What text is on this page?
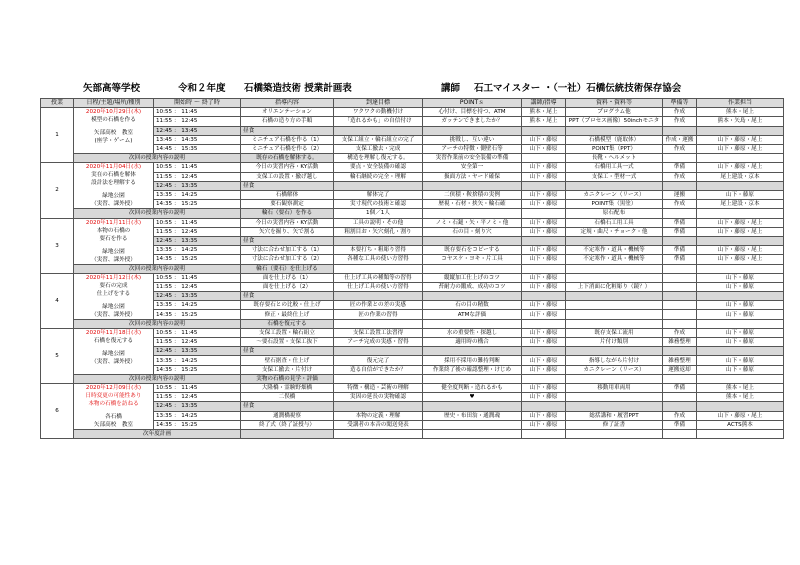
矢部高等学校	令和２年度 石橋築造技術 授業計画表	講師 石工マイスター ・（一社）石橋伝統技術保存協会
授業	日程/主題/場所/種別	開始時 ～ 終了時	指導内容	到達目標	POINTｓ	講師/指導	資料・資料等	準備等	作業担当
1	2020年10月29日(木)
模型の石橋を作る
矢部高校　教室
(座学・ゲーム)	10:55 ： 11:45	オリエンテーション	ワクワクの動機付け	心付け、目標を持つ、ATM	熊本・尾上	プログラム他	作成	熊本・尾上
		11:55 ： 12:45	石橋の造り方の手順	「造れるかも」の自信付け	ガッテンできましたか？	熊本・尾上	PPT（プロセス画像）50inchモニタ	作成	熊本・矢島・尾上
		12:45 ： 13:45	昼食						
		13:45 ： 14:35	ミニチュア石橋を作る（1）	支保工組立・輪石組立の完了	挑戦し、互い違い	山下・藤原	石橋模型（鹿取体）	作成・運搬	山下・藤原・尾上
		14:45 ： 15:35	ミニチュア石橋を作る（2）	支保工撤去・完成	アーチの特徴・側壁石等	山下・藤原	POINT集（PPT）	作成	山下・藤原・尾上
	次回の授業内容の説明		既存の石橋を解体する。	構造を理解し復元する。	実習作業前の安全装備の準備		長靴・ヘルメット		
2	2020年11月04日(水)
実在の石橋を解体
設計法を理解する
緑地公園
（実習、課外授）	10:55 ： 11:45	今日の実習内容・KY活動	要点・安全装備の確認	安全第一	山下・藤原	石橋用工具一式	準備	山下・藤原・尾上
		11:55 ： 12:45	支保工の設置・撤げ越し	輪石継続の完全・理解	扱面方法・ヤード確保	山下・藤原	支保工・型材一式	作成	尾上建設・京本
		12:45 ： 13:35	昼食						
		13:35 ： 14:25	石橋解体	解体完了	二侠積・鞍捨積の実例	山下・藤原	カニクレーン（リース）	運搬	山下・藤原
		14:35 ： 15:25	要石観察測定	実寸現代の技術と確認	歴視・石材・挟矢・輪石確	山下・藤原	POINT集（黒塗）	作成	尾上建設・京本
	次回の授業内容の説明		輪石（要石）を作る	1個／1人			原石配布		
3	2020年11月11日(水)
本物の石橋の
要石を作る
緑地公園
（実習、課外授）	10:55 ： 11:45	今日の実習内容・KY活動	工具の説明・その他	ノミ・石鎚・矢・平ノミ・他	山下・藤原	石橋石工用工具	準備	山下・藤原・尾上
		11:55 ： 12:45	矢穴を掘り、矢で割る	粗割目お・矢穴刻孔・割り	石の目・刻り穴	山下・藤原	定規・曲尺・チョーク・他	準備	山下・藤原・尾上
		12:45 ： 13:35	昼食						
		13:35 ： 14:25	寸法に合わせ加工する（1）	本要打ち・粗彫り習得	既存要石をコピーする	山下・藤原	不定寒作・道具・機械等	準備	山下・藤原・尾上
		14:35 ： 15:25	寸法に合わせ加工する（2）	各種な工具の使い方習得	コヤスケ・ヨキ・片工具	山下・藤原	不定寒作・道具・機械等	準備	山下・藤原・尾上
	次回の授業内容の説明		輪石（要石）を仕上げる						
4	2020年11月12日(木)
要石の完成
仕上げをする
緑地公園
（実習、課外授）	10:55 ： 11:45	面を仕上げる（1）	仕上げ工具の種類等の習得	縦縦加工仕上げのコツ	山下・藤原			山下・藤原
		11:55 ： 12:45	面を仕上げる（2）	仕上げ工具の使い方習得	苔耐力の鍛成、成功のコツ	山下・藤原	上下消面に化粧彫り（鏡？）		山下・藤原
		12:45 ： 13:35	昼食						
		13:35 ： 14:25	既存要石との比較・仕上げ	匠の作業との差の実感	石の目の精数	山下・藤原			山下・藤原
		14:35 ： 15:25	修正・最終仕上げ	匠の作業の習得	ATMな評価	山下・藤原			山下・藤原
	次回の授業内容の説明		石橋を復元する						
5	2020年11月18日(水)
石橋を復元する
緑地公園
（実習、課外授）	10:55 ： 11:45	支保工設置・輪石組立	支保工設置工法習得	水の重要性・探越し	山下・藤原	既存支保工流用	作成	山下・藤原
		11:55 ： 12:45	〜要石設置・支保工抜下	アーチ完成の実感・習得	適用時の構合	山下・藤原	片付け類別	雑務整理	山下・藤原
		12:45 ： 13:35	昼食						
		13:35 ： 14:25	壁石据査・仕上げ	復元完了	採用不採用の難持判断	山下・藤原	指導しながら片付け	雑務整理	山下・藤原
		14:35 ： 15:25	支保工撤去・片付け	造る自信ができたか？	作業終了後の確認整理・けじめ	山下・藤原	カニクレーン（リース）	運搬返却	山下・藤原
	次回の授業内容の説明		実物の石橋の見学・評価						
6	2020年12月09日(水)
日時変更の可能性あり
本物の石橋を訪ねる
各石橋
矢部高校　教室	10:55 ： 11:45	大隆橋・霊験野畑橋	特徴・構造・芸術の理解	健全度判断・造れるかも	山下・藤原	移動用車両用	準備	熊本・尾上
		11:55 ： 12:45	二俣橋	実因の延長の実物確認	♥	山下・藤原			熊本・尾上
		12:45 ： 13:35	昼食						
		13:35 ： 14:25	通潤橋視察	本物の定義・理解	歴史・布田翁・通潤魂	山下・藤原	総括講和・履習PPT	作成	山下・藤原・尾上
		14:35 ： 15:25	終了式（終了証授与）	受講者の本音の聞送発表		山下・藤原	修了証書	準備	ACTS熊本
	次年度計画								
